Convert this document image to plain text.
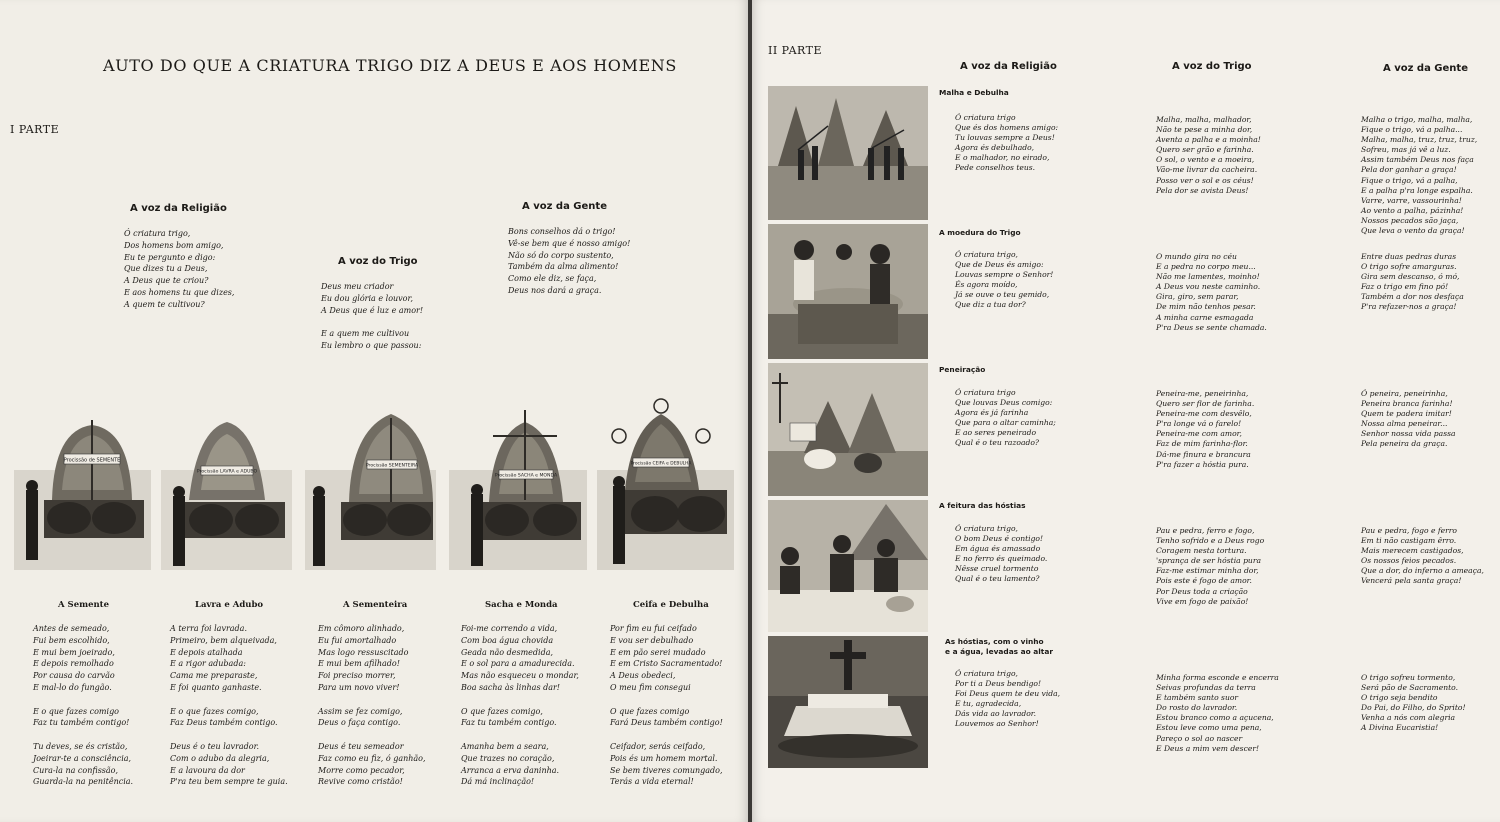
AUTO DO QUE A CRIATURA TRIGO DIZ A DEUS E AOS HOMENS
I PARTE
A voz da Religião
Ó criatura trigo,
Dos homens bom amigo,
Eu te pergunto e digo:
Que dizes tu a Deus,
A Deus que te criou?
E aos homens tu que dizes,
A quem te cultivou?
A voz do Trigo
Deus meu criador
Eu dou glória e louvor,
A Deus que é luz e amor!

E a quem me cultivou
Eu lembro o que passou:
A voz da Gente
Bons conselhos dá o trigo!
Vê-se bem que é nosso amigo!
Não só do corpo sustento,
Também da alma alimento!
Como ele diz, se faça,
Deus nos dará a graça.
Procissão de SEMENTE
A Semente
Antes de semeado,
Fui bem escolhido,
E mui bem joeirado,
E depois remolhado
Por causa do carvão
E mal-lo do fungão.

E o que fazes comigo
Faz tu também contigo!

Tu deves, se és cristão,
Joeirar-te a consciência,
Cura-la na confissão,
Guarda-la na penitência.
Procissão LAVRA e ADUBO
Lavra e Adubo
A terra foi lavrada.
Primeiro, bem alqueivada,
E depois atalhada
E a rigor adubada:
Cama me preparaste,
E foi quanto ganhaste.

E o que fazes comigo,
Faz Deus também contigo.

Deus é o teu lavrador.
Com o adubo da alegria,
E a lavoura da dor
P'ra teu bem sempre te guia.
Procissão SEMENTEIRA
A Sementeira
Em cômoro alinhado,
Eu fui amortalhado
Mas logo ressuscitado
E mui bem afilhado!
Foi preciso morrer,
Para um novo viver!

Assim se fez comigo,
Deus o faça contigo.

Deus é teu semeador
Faz como eu fiz, ó ganhão,
Morre como pecador,
Revive como cristão!
Procissão SACHA e MONDA
Sacha e Monda
Foi-me correndo a vida,
Com boa água chovida
Geada não desmedida,
E o sol para a amadurecida.
Mas não esqueceu o mondar,
Boa sacha às linhas dar!

O que fazes comigo,
Faz tu também contigo.

Amanha bem a seara,
Que trazes no coração,
Arranca a erva daninha.
Dá má inclinação!
Procissão CEIFA e DEBULHA
Ceifa e Debulha
Por fim eu fui ceifado
E vou ser debulhado
E em pão serei mudado
E em Cristo Sacramentado!
A Deus obedeci,
O meu fim consegui

O que fazes comigo
Fará Deus também contigo!

Ceifador, serás ceifado,
Pois és um homem mortal.
Se bem tiveres comungado,
Terás a vida eternal!
II PARTE
A voz da Religião	A voz do Trigo	A voz da Gente
Malha e Debulha
Ó criatura trigo
Que és dos homens amigo:
Tu louvas sempre a Deus!
Agora és debulhado,
E o malhador, no eirado,
Pede conselhos teus.
Malha, malha, malhador,
Não te pese a minha dor,
Aventa a palha e a moinha!
Quero ser grão e farinha.
O sol, o vento e a moeira,
Vão-me livrar da cacheira.
Posso ver o sol e os céus!
Pela dor se avista Deus!
Malha o trigo, malha, malha,
Fique o trigo, vá a palha...
Malha, malha, truz, truz, truz,
Sofreu, mas já vê a luz.
Assim também Deus nos faça
Pela dor ganhar a graça!
Fique o trigo, vá a palha,
E a palha p'ra longe espalha.
Varre, varre, vassourinha!
Ao vento a palha, pázinha!
Nossos pecados são jaça,
Que leva o vento da graça!
A moedura do Trigo
Ó criatura trigo,
Que de Deus és amigo:
Louvas sempre o Senhor!
És agora moído,
Já se ouve o teu gemido,
Que diz a tua dor?
O mundo gira no céu
E a pedra no corpo meu...
Não me lamentes, moinho!
A Deus vou neste caminho.
Gira, giro, sem parar,
De mim não tenhos pesar.
A minha carne esmagada
P'ra Deus se sente chamada.
Entre duas pedras duras
O trigo sofre amarguras.
Gira sem descanso, ó mó,
Faz o trigo em fino pó!
Também a dor nos desfaça
P'ra refazer-nos a graça!
Peneiração
Ó criatura trigo
Que louvas Deus comigo:
Agora és já farinha
Que para o altar caminha;
E ao seres peneirado
Qual é o teu razoado?
Peneira-me, peneirinha,
Quero ser flor de farinha.
Peneira-me com desvêlo,
P'ra longe vá o farelo!
Peneira-me com amor,
Faz de mim farinha-flor.
Dá-me finura e brancura
P'ra fazer a hóstia pura.
Ó peneira, peneirinha,
Peneira branca farinha!
Quem te padera imitar!
Nossa alma peneirar...
Senhor nossa vida passa
Pela peneira da graça.
A feitura das hóstias
Ó criatura trigo,
O bom Deus é contigo!
Em água és amassado
E no ferro és queimado.
Nêsse cruel tormento
Qual é o teu lamento?
Pau e pedra, ferro e fogo,
Tenho sofrido e a Deus rogo
Coragem nesta tortura.
'sprança de ser hóstia pura
Faz-me estimar minha dor,
Pois este é fogo de amor.
Por Deus toda a criação
Vive em fogo de paixão!
Pau e pedra, fogo e ferro
Em ti não castigam êrro.
Mais merecem castigados,
Os nossos feios pecados.
Que a dor, do inferno a ameaça,
Vencerá pela santa graça!
As hóstias, com o vinho
e a água, levadas ao altar
Ó criatura trigo,
Por ti a Deus bendigo!
Foi Deus quem te deu vida,
E tu, agradecida,
Dás vida ao lavrador.
Louvemos ao Senhor!
Minha forma esconde e encerra
Seivas profundas da terra
E também santo suor
Do rosto do lavrador.
Estou branco como a açucena,
Estou leve como uma pena,
Pareço o sol ao nascer
E Deus a mim vem descer!
O trigo sofreu tormento,
Será pão de Sacramento.
O trigo seja bendito
Do Pai, do Filho, do Sprito!
Venha a nós com alegria
A Divina Eucaristia!
